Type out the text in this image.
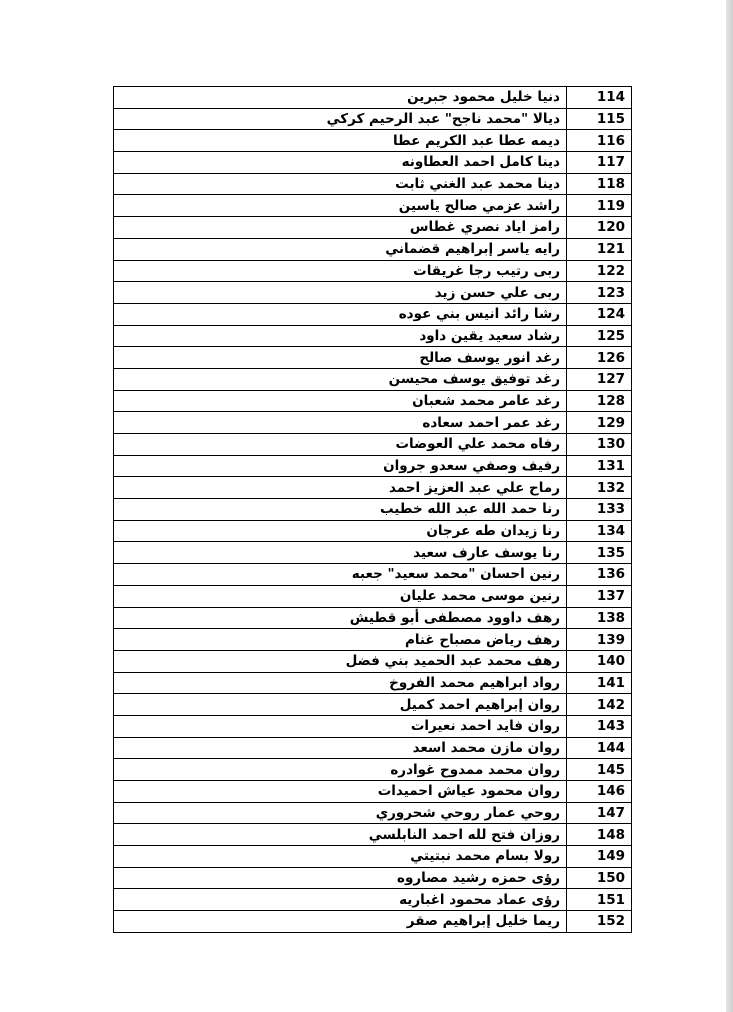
دنيا خليل محمود جبرين	114
ديالا "محمد ناجح" عبد الرحيم كركي	115
ديمه عطا عبد الكريم عطا	116
دينا كامل احمد العطاونه	117
دينا محمد عبد الغني ثابت	118
راشد عزمي صالح ياسين	119
رامز اياد نصري غطاس	120
رايه ياسر إبراهيم قضماني	121
ربى رتيب رجا غريقات	122
ربى علي حسن زيد	123
رشا رائد انيس بني عوده	124
رشاد سعيد يقين داود	125
رغد انور يوسف صالح	126
رغد توفيق يوسف محيسن	127
رغد عامر محمد شعبان	128
رغد عمر احمد سعاده	129
رفاه محمد علي العوضات	130
رفيف وصفي سعدو جروان	131
رماح علي عبد العزيز احمد	132
رنا حمد الله عبد الله خطيب	133
رنا زيدان طه عرجان	134
رنا يوسف عارف سعيد	135
رنين احسان "محمد سعيد" جعبه	136
رنين موسى محمد عليان	137
رهف داوود مصطفى أبو قطيش	138
رهف رياض مصباح غنام	139
رهف محمد عبد الحميد بني فضل	140
رواد ابراهيم محمد الفروخ	141
روان إبراهيم احمد كميل	142
روان فايد احمد نعيرات	143
روان مازن محمد اسعد	144
روان محمد ممدوح غوادره	145
روان محمود عياش احميدات	146
روحي عمار روحي شحروري	147
روزان فتح لله احمد النابلسي	148
رولا بسام محمد نبتيتي	149
رؤى حمزه رشيد مصاروه	150
رؤى عماد محمود اغباريه	151
ريما خليل إبراهيم صقر	152
